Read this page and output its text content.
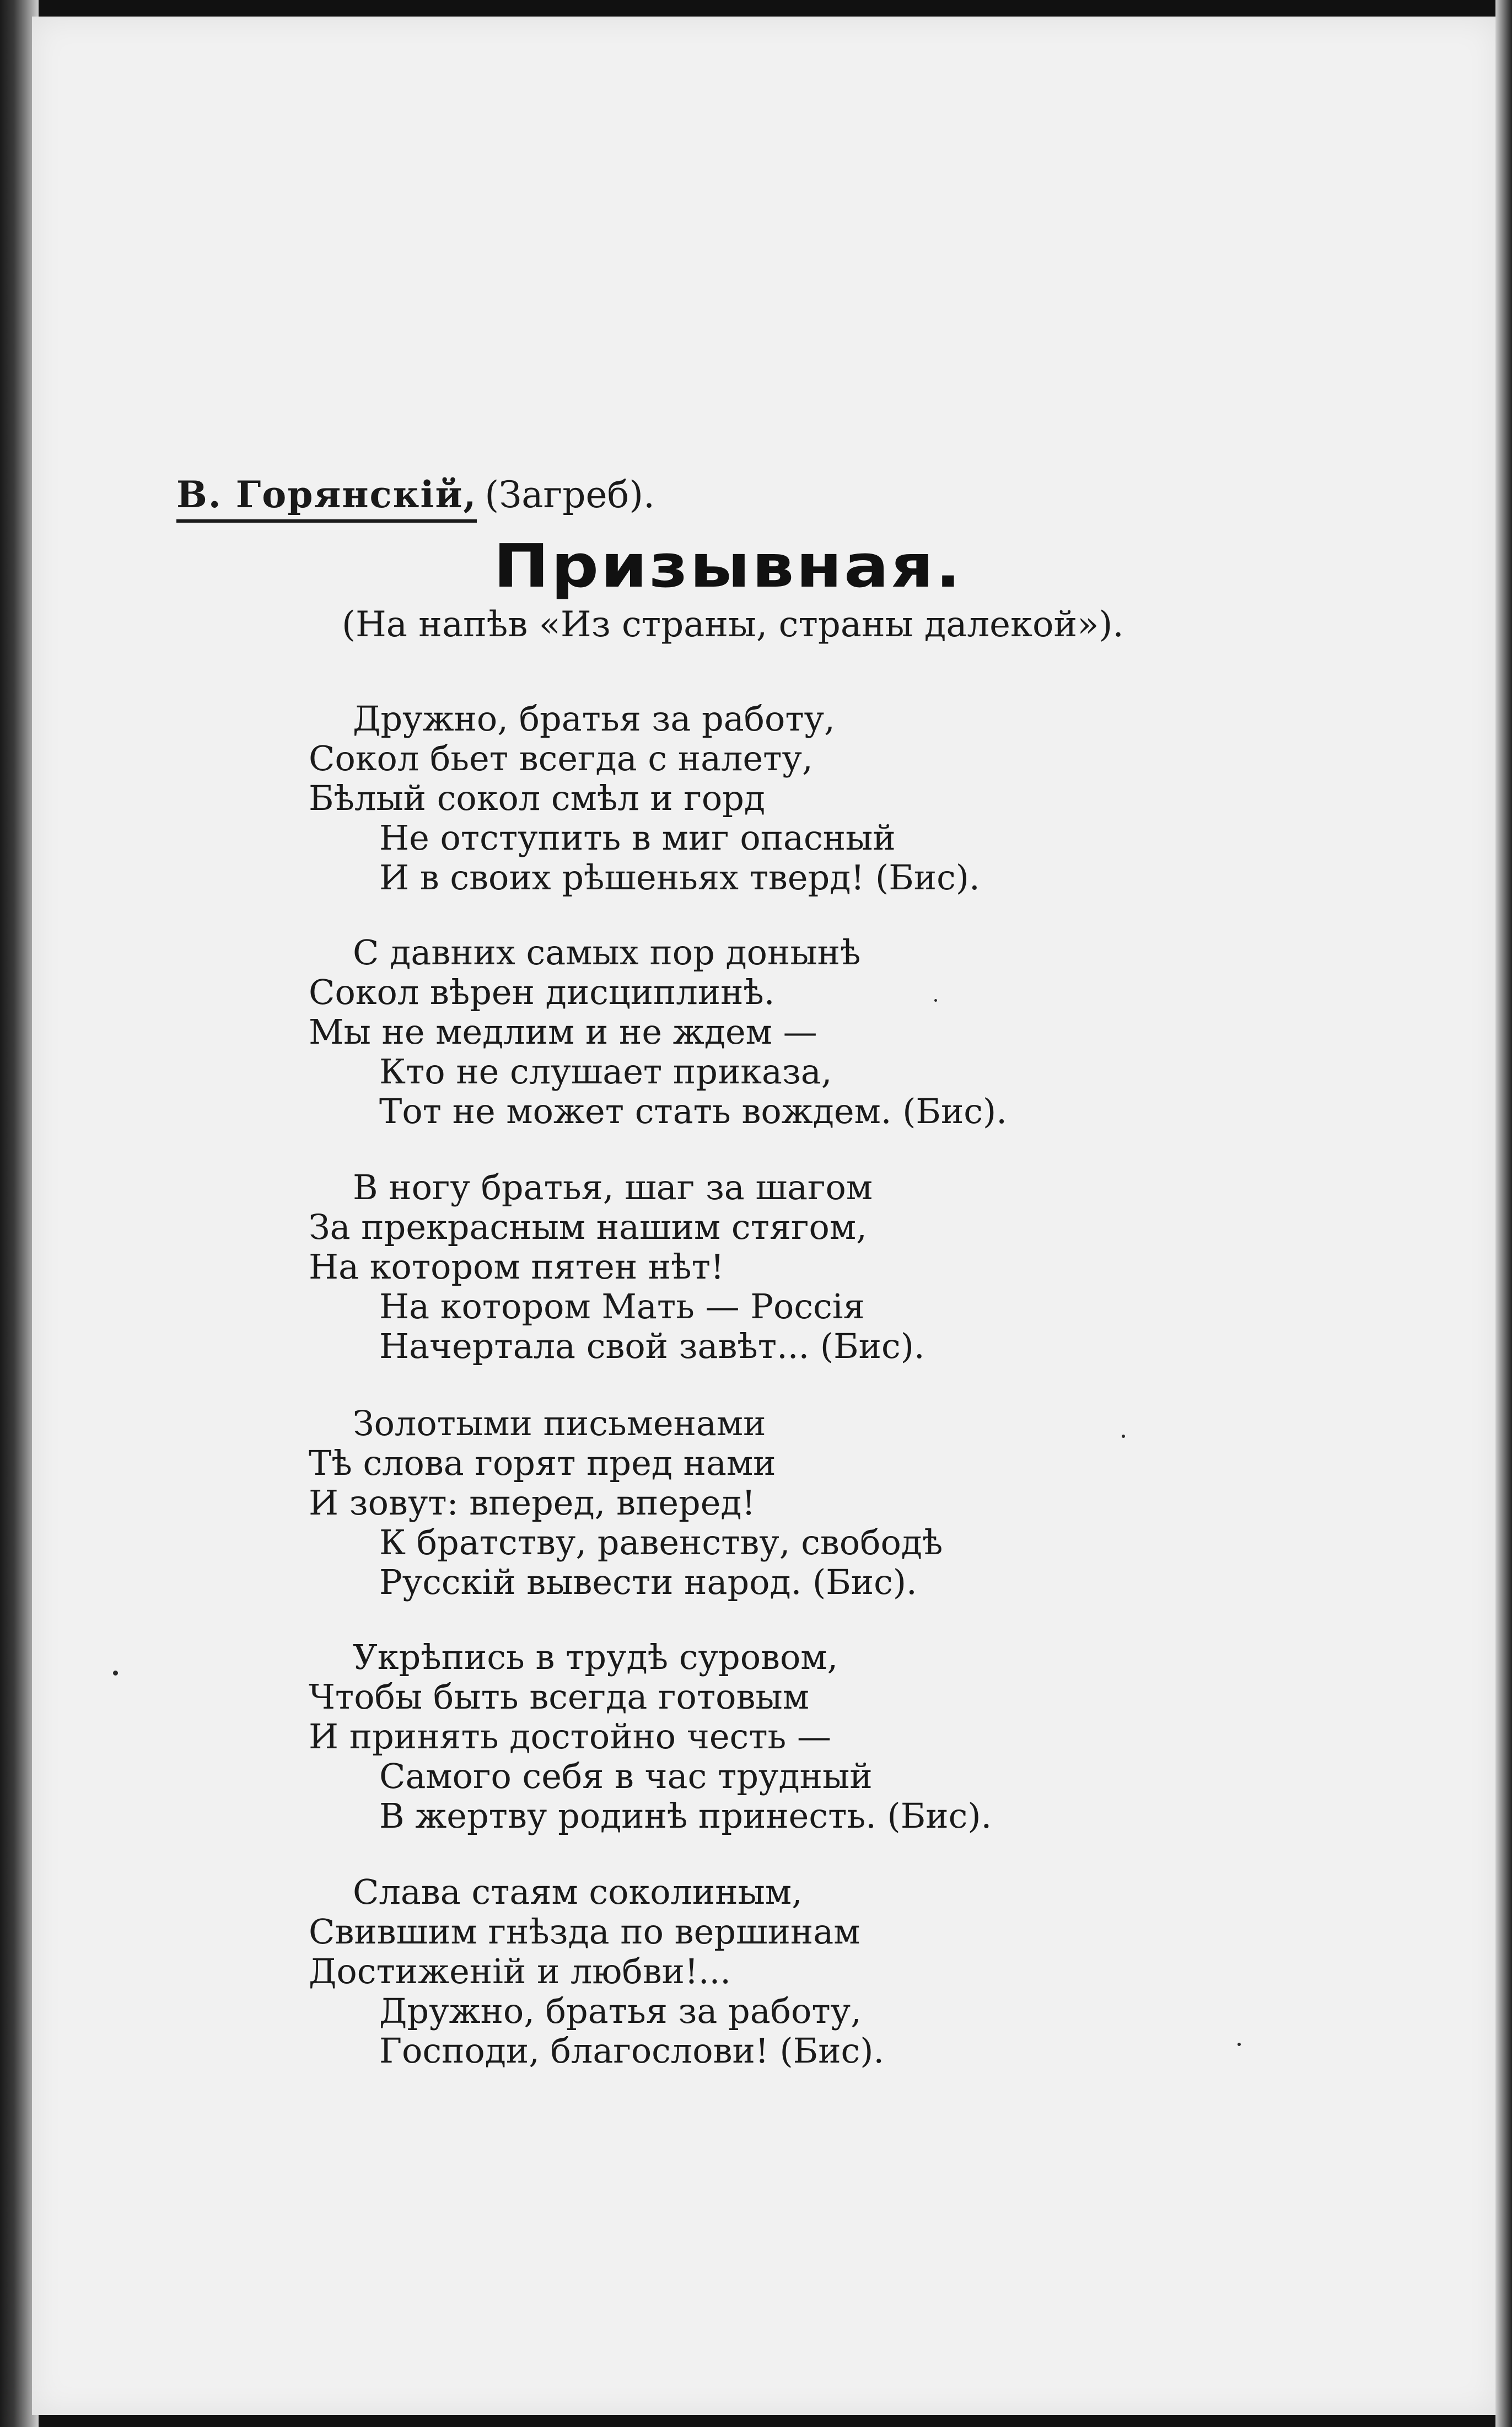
В. Горянскій, (Загреб).
Призывная.
(На напѣв «Из страны, страны далекой»).
Дружно, братья за работу,
Сокол бьет всегда с налету,
Бѣлый сокол смѣл и горд
Не отступить в миг опасный
И в своих рѣшеньях тверд! (Бис).
С давних самых пор донынѣ
Сокол вѣрен дисциплинѣ.
Мы не медлим и не ждем —
Кто не слушает приказа,
Тот не может стать вождем. (Бис).
В ногу братья, шаг за шагом
За прекрасным нашим стягом,
На котором пятен нѣт!
На котором Мать — Россія
Начертала свой завѣт... (Бис).
Золотыми письменами
Тѣ слова горят пред нами
И зовут: вперед, вперед!
К братству, равенству, свободѣ
Русскій вывести народ. (Бис).
Укрѣпись в трудѣ суровом,
Чтобы быть всегда готовым
И принять достойно честь —
Самого себя в час трудный
В жертву родинѣ принесть. (Бис).
Слава стаям соколиным,
Свившим гнѣзда по вершинам
Достиженій и любви!...
Дружно, братья за работу,
Господи, благослови! (Бис).
